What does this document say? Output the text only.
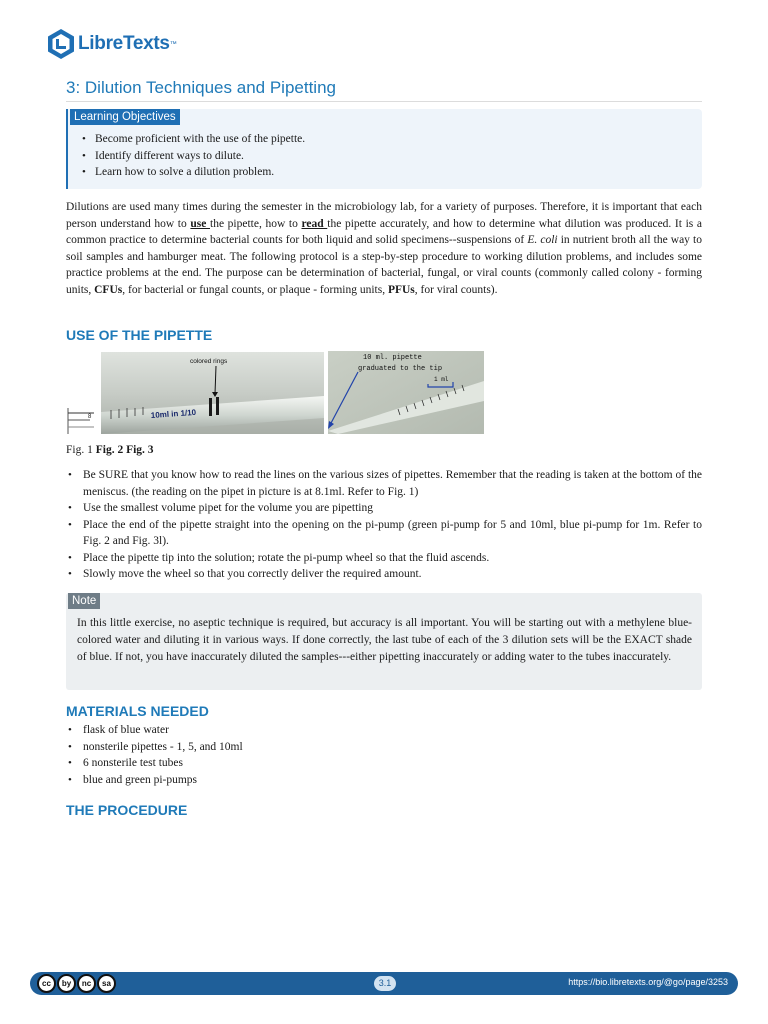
LibreTexts ™
3: Dilution Techniques and Pipetting
Learning Objectives
• Become proficient with the use of the pipette.
• Identify different ways to dilute.
• Learn how to solve a dilution problem.

Dilutions are used many times during the semester in the microbiology lab, for a variety of purposes. Therefore, it is important that each person understand how to use the pipette, how to read the pipette accurately, and how to determine what dilution was produced. It is a common practice to determine bacterial counts for both liquid and solid specimens--suspensions of E. coli in nutrient broth all the way to soil samples and hamburger meat. The following protocol is a step-by-step procedure to working dilution problems, and includes some practice problems at the end. The purpose can be determination of bacterial, fungal, or viral counts (commonly called colony - forming units, CFUs, for bacterial or fungal counts, or plaque - forming units, PFUs, for viral counts).

USE OF THE PIPETTE
8	10ml in 1/10
colored rings	10 ml. pipette
graduated to the tip
1 ml

Fig. 1 Fig. 2 Fig. 3

• Be SURE that you know how to read the lines on the various sizes of pipettes. Remember that the reading is taken at the bottom of the meniscus. (the reading on the pipet in picture is at 8.1ml. Refer to Fig. 1)
• Use the smallest volume pipet for the volume you are pipetting
• Place the end of the pipette straight into the opening on the pi-pump (green pi-pump for 5 and 10ml, blue pi-pump for 1m. Refer to Fig. 2 and Fig. 3l).
• Place the pipette tip into the solution; rotate the pi-pump wheel so that the fluid ascends.
• Slowly move the wheel so that you correctly deliver the required amount.
Note

In this little exercise, no aseptic technique is required, but accuracy is all important. You will be starting out with a methylene blue-colored water and diluting it in various ways. If done correctly, the last tube of each of the 3 dilution sets will be the EXACT shade of blue. If not, you have inaccurately diluted the samples---either pipetting inaccurately or adding water to the tubes inaccurately.

MATERIALS NEEDED
• flask of blue water
• nonsterile pipettes - 1, 5, and 10ml
• 6 nonsterile test tubes
• blue and green pi-pumps
THE PROCEDURE
cc	by	nc	sa	3.1	https://bio.libretexts.org/@go/page/3253
